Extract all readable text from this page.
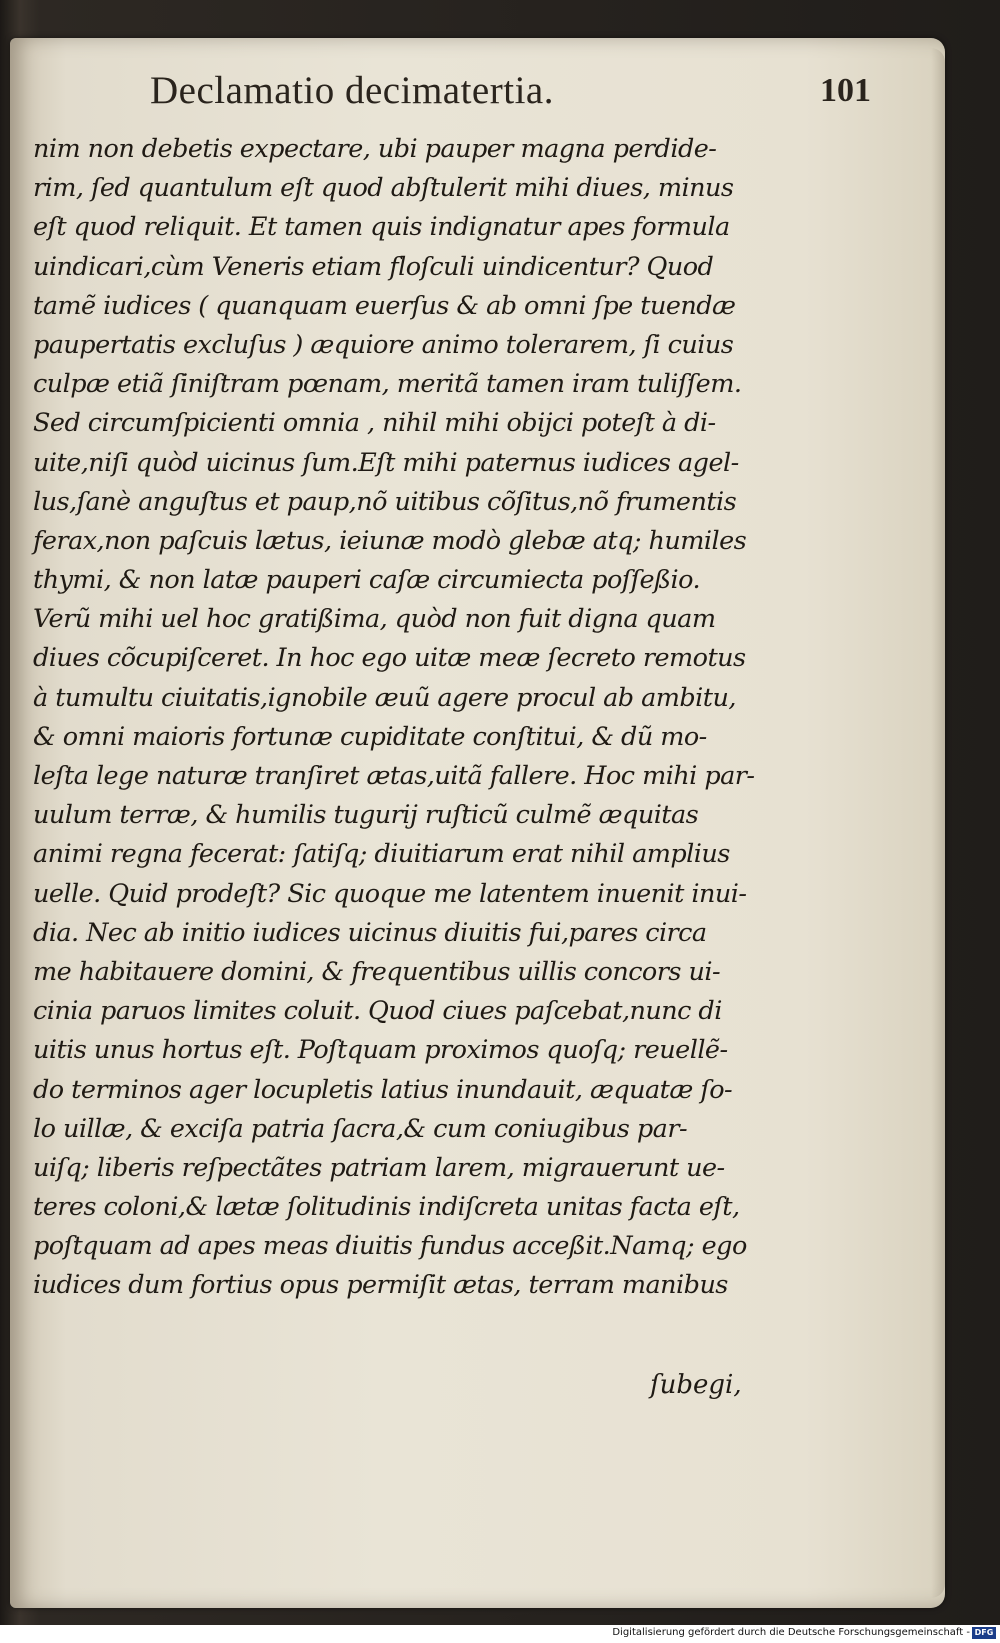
Declamatio decimatertia.	101
nim non debetis expectare, ubi pauper magna perdide-
rim, ſed quantulum eſt quod abſtulerit mihi diues, minus
eſt quod reliquit. Et tamen quis indignatur apes formula
uindicari,cùm Veneris etiam floſculi uindicentur? Quod
tamẽ iudices ( quanquam euerſus & ab omni ſpe tuendæ
paupertatis excluſus ) æquiore animo tolerarem, ſi cuius
culpæ etiã ſiniſtram pœnam, meritã tamen iram tuliſſem.
Sed circumſpicienti omnia , nihil mihi obijci poteſt à di-
uite,niſi quòd uicinus ſum.Eſt mihi paternus iudices agel-
lus,ſanè anguſtus et paup,nõ uitibus cõſitus,nõ frumentis
ferax,non paſcuis lætus, ieiunæ modò glebæ atq; humiles
thymi, & non latæ pauperi caſæ circumiecta poſſeßio.
Verũ mihi uel hoc gratißima, quòd non fuit digna quam
diues cõcupiſceret. In hoc ego uitæ meæ ſecreto remotus
à tumultu ciuitatis,ignobile æuũ agere procul ab ambitu,
& omni maioris fortunæ cupiditate conſtitui, & dũ mo-
leſta lege naturæ tranſiret ætas,uitã fallere. Hoc mihi par-
uulum terræ, & humilis tugurij ruſticũ culmẽ æquitas
animi regna fecerat: ſatiſq; diuitiarum erat nihil amplius
uelle. Quid prodeſt? Sic quoque me latentem inuenit inui-
dia. Nec ab initio iudices uicinus diuitis fui,pares circa
me habitauere domini, & frequentibus uillis concors ui-
cinia paruos limites coluit. Quod ciues paſcebat,nunc di
uitis unus hortus eſt. Poſtquam proximos quoſq; reuellẽ-
do terminos ager locupletis latius inundauit, æquatæ ſo-
lo uillæ, & exciſa patria ſacra,& cum coniugibus par-
uiſq; liberis reſpectãtes patriam larem, migrauerunt ue-
teres coloni,& lætæ ſolitudinis indiſcreta unitas facta eſt,
poſtquam ad apes meas diuitis fundus acceßit.Namq; ego
iudices dum fortius opus permiſit ætas, terram manibus
ſubegi,
Digitalisierung gefördert durch die Deutsche Forschungsgemeinschaft - DFG
